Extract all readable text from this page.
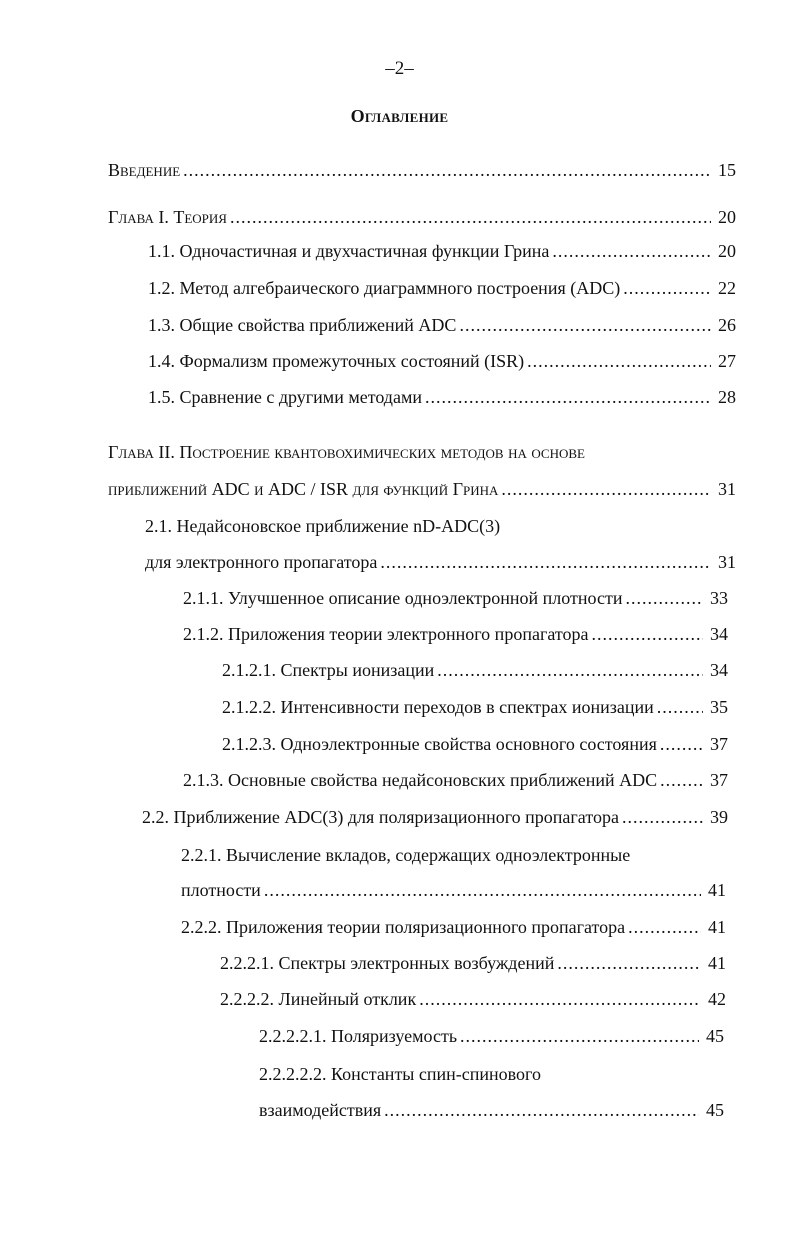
–2–
Оглавление
Введение .....	15
Глава I. Теория .....	20
1.1. Одночастичная и двухчастичная функции Грина .....	20
1.2. Метод алгебраического диаграммного построения (ADC) .....	22
1.3. Общие свойства приближений ADC .....	26
1.4. Формализм промежуточных состояний (ISR) .....	27
1.5. Сравнение с другими методами .....	28
Глава II. Построение квантовохимических методов на основе
приближений ADC и ADC / ISR для функций Грина .....	31
2.1. Недайсоновское приближение nD-ADC(3)
для электронного пропагатора .....	31
2.1.1. Улучшенное описание одноэлектронной плотности .....	33
2.1.2. Приложения теории электронного пропагатора .....	34
2.1.2.1. Спектры ионизации .....	34
2.1.2.2. Интенсивности переходов в спектрах ионизации .....	35
2.1.2.3. Одноэлектронные свойства основного состояния .....	37
2.1.3. Основные свойства недайсоновских приближений ADC .....	37
2.2. Приближение ADC(3) для поляризационного пропагатора .....	39
2.2.1. Вычисление вкладов, содержащих одноэлектронные
плотности .....	41
2.2.2. Приложения теории поляризационного пропагатора .....	41
2.2.2.1. Спектры электронных возбуждений .....	41
2.2.2.2. Линейный отклик .....	42
2.2.2.2.1. Поляризуемость .....	45
2.2.2.2.2. Константы спин-спинового
взаимодействия .....	45
